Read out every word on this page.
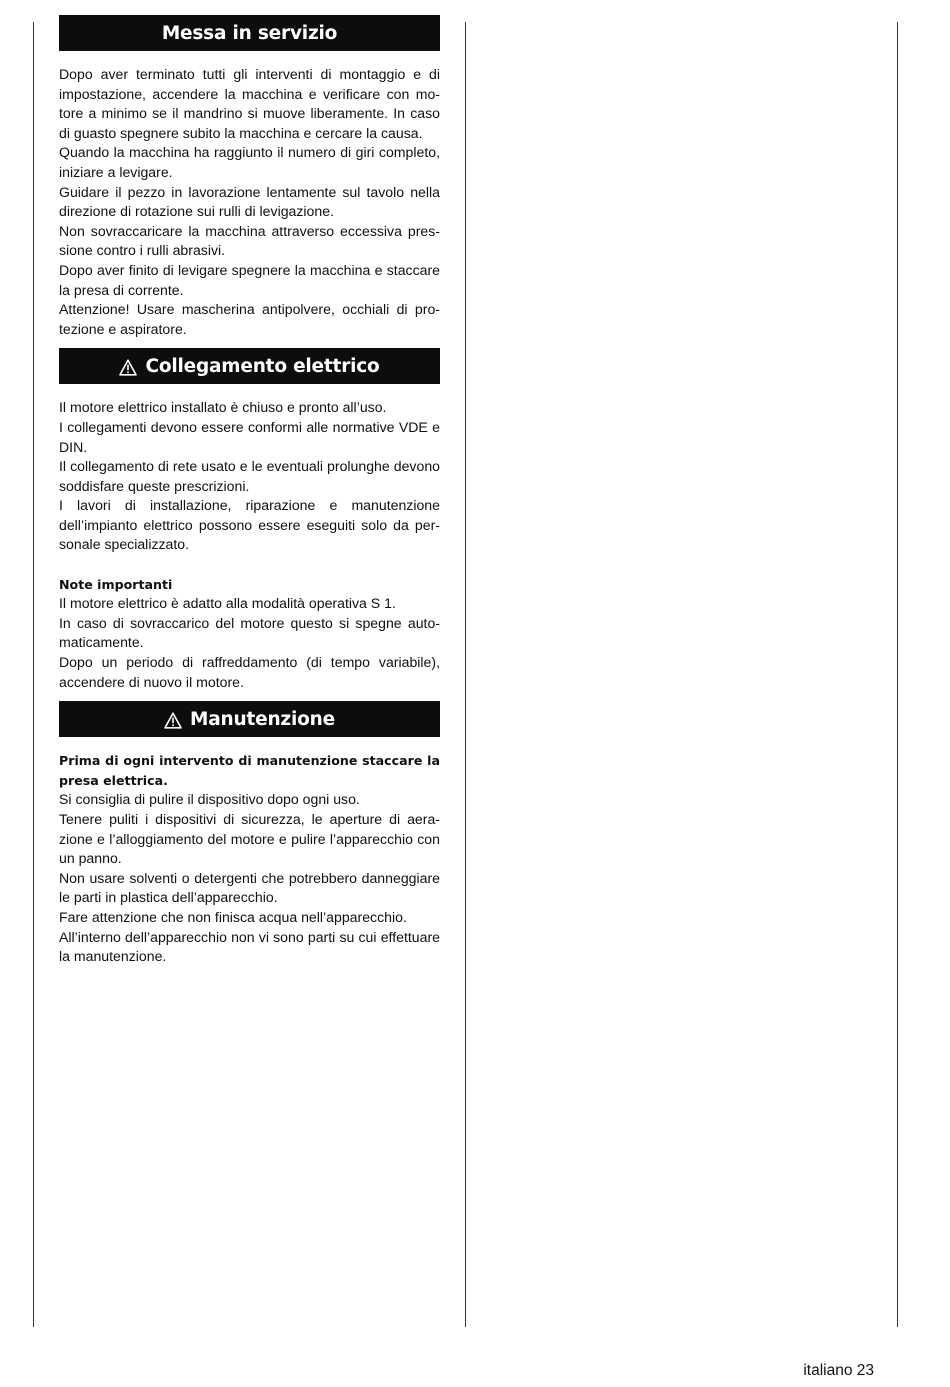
Messa in servizio

Dopo aver terminato tutti gli interventi di montaggio e di impostazione, accendere la macchina e verificare con motore a minimo se il mandrino si muove liberamente. In caso di guasto spegnere subito la macchina e cercare la causa.

Quando la macchina ha raggiunto il numero di giri completo, iniziare a levigare.

Guidare il pezzo in lavorazione lentamente sul tavolo nella direzione di rotazione sui rulli di levigazione.

Non sovraccaricare la macchina attraverso eccessiva pressione contro i rulli abrasivi.

Dopo aver finito di levigare spegnere la macchina e staccare la presa di corrente.

Attenzione! Usare mascherina antipolvere, occhiali di protezione e aspiratore.

Collegamento elettrico

Il motore elettrico installato è chiuso e pronto all’uso.

I collegamenti devono essere conformi alle normative VDE e DIN.

Il collegamento di rete usato e le eventuali prolunghe devono soddisfare queste prescrizioni.

I lavori di installazione, riparazione e manutenzione dell’impianto elettrico possono essere eseguiti solo da personale specializzato.

Note importanti

Il motore elettrico è adatto alla modalità operativa S 1.

In caso di sovraccarico del motore questo si spegne automaticamente.

Dopo un periodo di raffreddamento (di tempo variabile), accendere di nuovo il motore.

Manutenzione

Prima di ogni intervento di manutenzione staccare la presa elettrica.

Si consiglia di pulire il dispositivo dopo ogni uso.

Tenere puliti i dispositivi di sicurezza, le aperture di aerazione e l’alloggiamento del motore e pulire l’apparecchio con un panno.

Non usare solventi o detergenti che potrebbero danneggiare le parti in plastica dell’apparecchio.

Fare attenzione che non finisca acqua nell’apparecchio.

All’interno dell’apparecchio non vi sono parti su cui effettuare la manutenzione.

italiano 23
